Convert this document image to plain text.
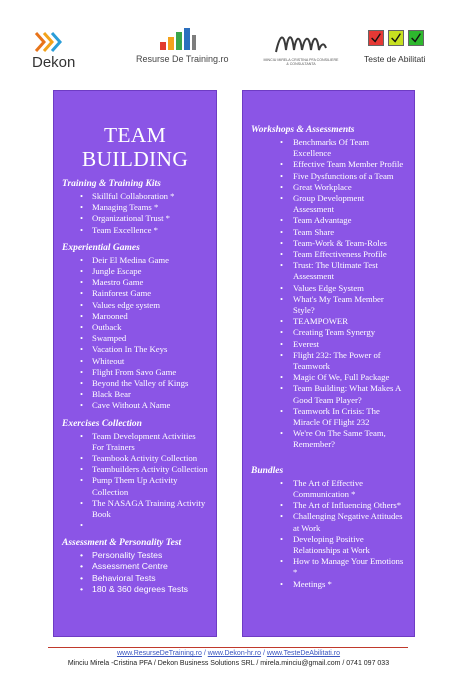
Dekon	Resurse De Training.ro	MINCIU MIRELA CRISTINA PFA CONSILIERE & CONSULTANTA
Teste de Abilitati
TEAM
BUILDING
Training & Training Kits
• Skillful Collaboration *
• Managing Teams *
• Organizational Trust *
• Team Excellence *
Experiential Games
• Deir El Medina Game
• Jungle Escape
• Maestro Game
• Rainforest Game
• Values edge system
• Marooned
• Outback
• Swamped
• Vacation In The Keys
• Whiteout
• Flight From Savo Game
• Beyond the Valley of Kings
• Black Bear
• Cave Without A Name
Exercises Collection
• Team Development Activities For Trainers
• Teambook Activity Collection
• Teambuilders Activity Collection
• Pump Them Up Activity Collection
• The NASAGA Training Activity Book
•
Assessment & Personality Test
• Personality Testes
• Assessment Centre
• Behavioral Tests
• 180 & 360 degrees Tests
Workshops & Assessments
• Benchmarks Of Team Excellence
• Effective Team Member Profile
• Five Dysfunctions of a Team
• Great Workplace
• Group Development Assessment
• Team Advantage
• Team Share
• Team-Work & Team-Roles
• Team Effectiveness Profile
• Trust: The Ultimate Test Assessment
• Values Edge System
• What's My Team Member Style?
• TEAMPOWER
• Creating Team Synergy
• Everest
• Flight 232: The Power of Teamwork
• Magic Of We, Full Package
• Team Building: What Makes A Good Team Player?
• Teamwork In Crisis: The Miracle Of Flight 232
• We're On The Same Team, Remember?
Bundles
• The Art of Effective Communication *
• The Art of Influencing Others*
• Challenging Negative Attitudes at Work
• Developing Positive Relationships at Work
• How to Manage Your Emotions *
• Meetings *
www.ResurseDeTraining.ro / www.Dekon-hr.ro / www.TesteDeAbilitati.ro
Minciu Mirela -Cristina PFA / Dekon Business Solutions SRL / mirela.minciu@gmail.com / 0741 097 033
